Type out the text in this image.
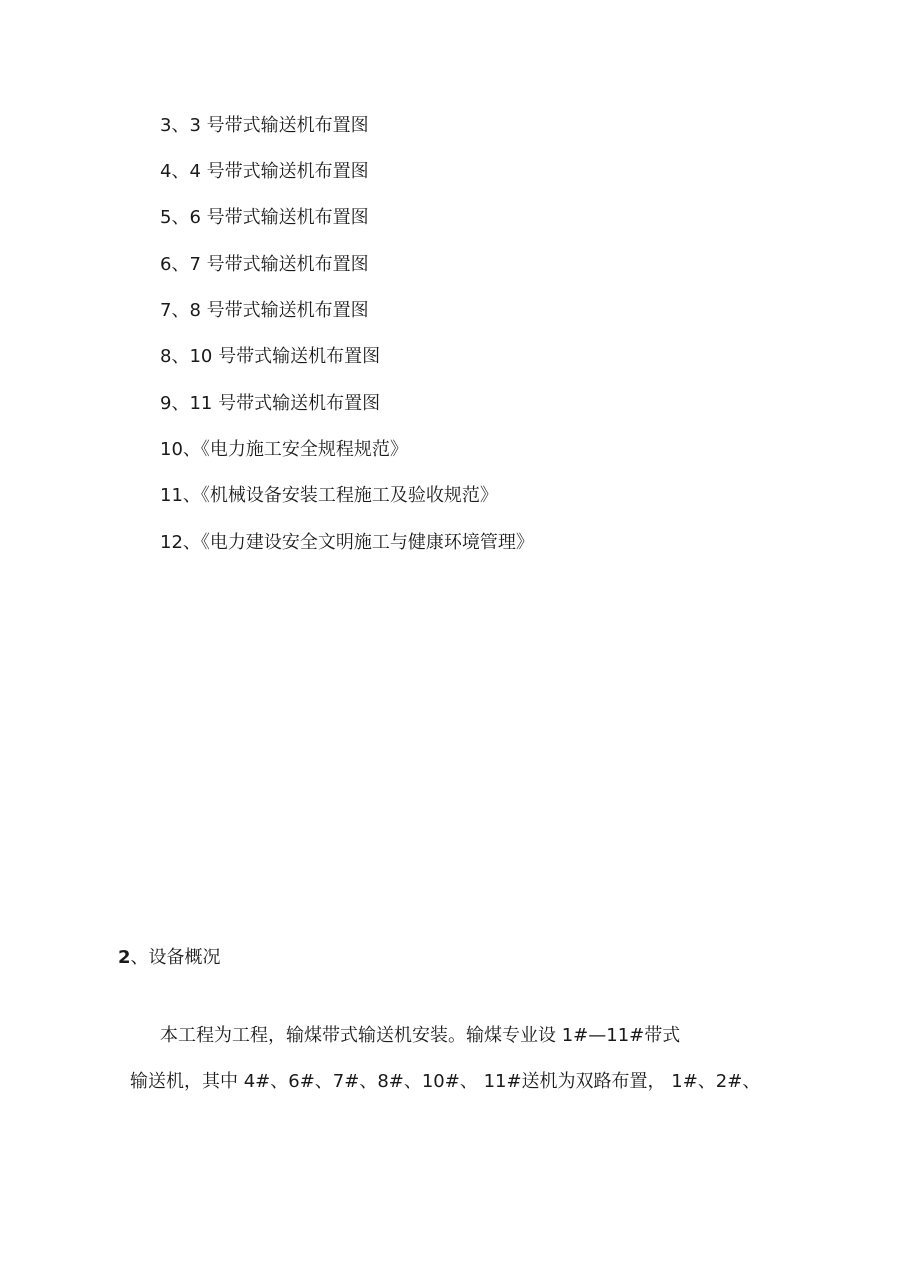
3、3 号带式输送机布置图
4、4 号带式输送机布置图
5、6 号带式输送机布置图
6、7 号带式输送机布置图
7、8 号带式输送机布置图
8、10 号带式输送机布置图
9、11 号带式输送机布置图
10、《电力施工安全规程规范》
11、《机械设备安装工程施工及验收规范》
12、《电力建设安全文明施工与健康环境管理》
2、设备概况
本工程为工程，输煤带式输送机安装。输煤专业设 1#—11#带式
输送机，其中 4#、6#、7#、8#、10#、 11#送机为双路布置， 1#、2#、
